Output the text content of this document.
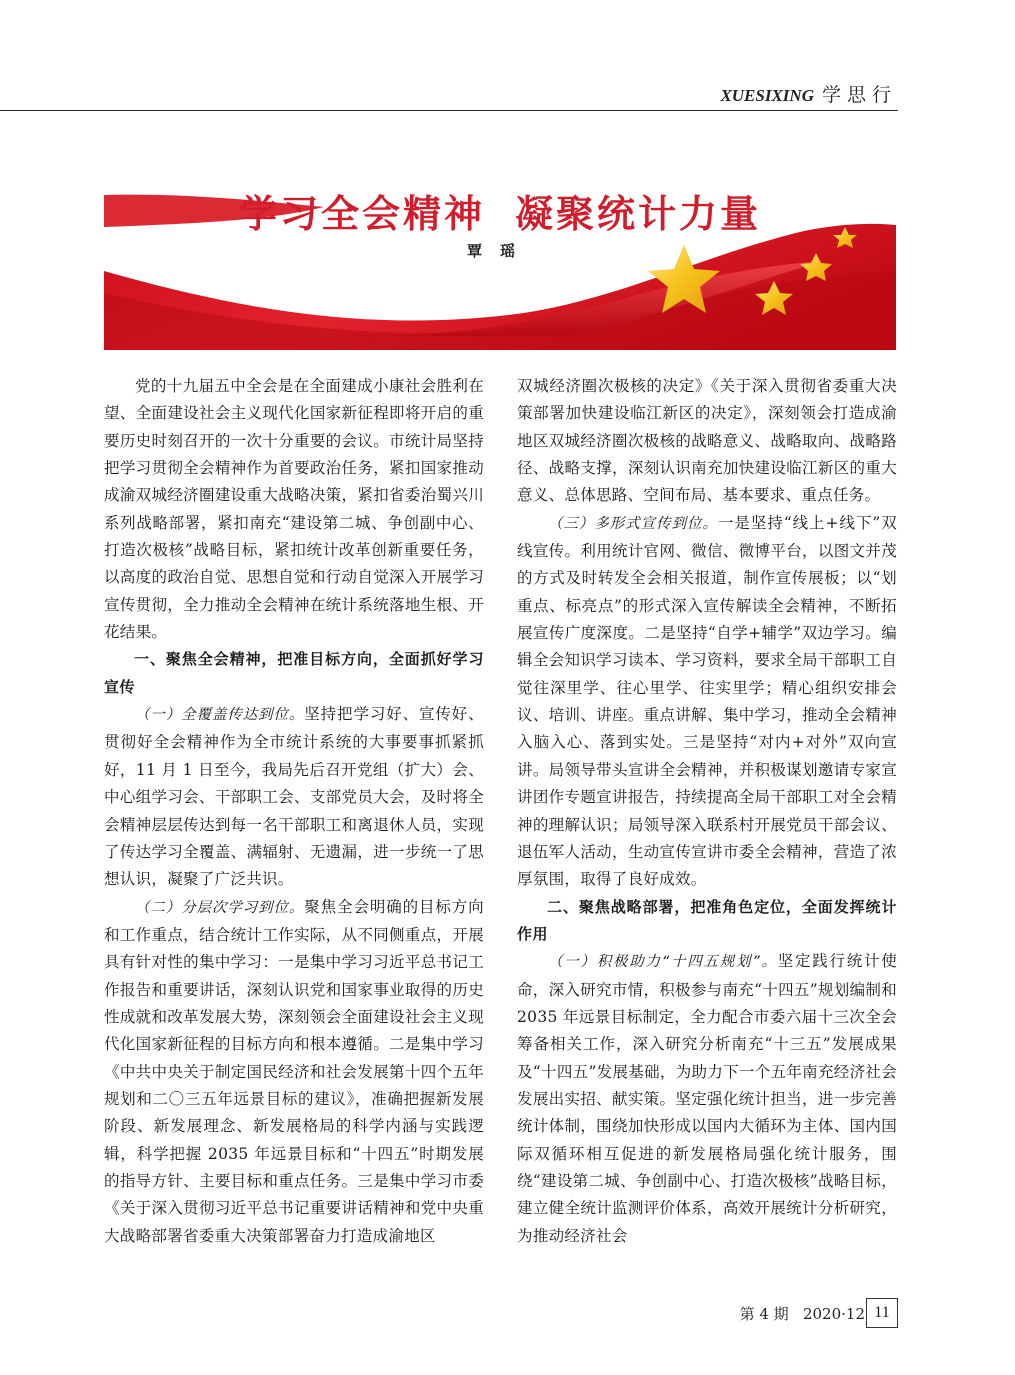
XUESIXING 学思行
学习全会精神 凝聚统计力量
覃瑶

党的十九届五中全会是在全面建成小康社会胜利在望、全面建设社会主义现代化国家新征程即将开启的重要历史时刻召开的一次十分重要的会议。市统计局坚持把学习贯彻全会精神作为首要政治任务，紧扣国家推动成渝双城经济圈建设重大战略决策，紧扣省委治蜀兴川系列战略部署，紧扣南充“建设第二城、争创副中心、打造次极核”战略目标，紧扣统计改革创新重要任务，以高度的政治自觉、思想自觉和行动自觉深入开展学习宣传贯彻，全力推动全会精神在统计系统落地生根、开花结果。

一、聚焦全会精神，把准目标方向，全面抓好学习宣传

（一）全覆盖传达到位。坚持把学习好、宣传好、贯彻好全会精神作为全市统计系统的大事要事抓紧抓好，11 月 1 日至今，我局先后召开党组（扩大）会、中心组学习会、干部职工会、支部党员大会，及时将全会精神层层传达到每一名干部职工和离退休人员，实现了传达学习全覆盖、满辐射、无遗漏，进一步统一了思想认识，凝聚了广泛共识。

（二）分层次学习到位。聚焦全会明确的目标方向和工作重点，结合统计工作实际，从不同侧重点，开展具有针对性的集中学习：一是集中学习习近平总书记工作报告和重要讲话，深刻认识党和国家事业取得的历史性成就和改革发展大势，深刻领会全面建设社会主义现代化国家新征程的目标方向和根本遵循。二是集中学习《中共中央关于制定国民经济和社会发展第十四个五年规划和二〇三五年远景目标的建议》，准确把握新发展阶段、新发展理念、新发展格局的科学内涵与实践逻辑，科学把握 2035 年远景目标和“十四五”时期发展的指导方针、主要目标和重点任务。三是集中学习市委《关于深入贯彻习近平总书记重要讲话精神和党中央重大战略部署省委重大决策部署奋力打造成渝地区

双城经济圈次极核的决定》《关于深入贯彻省委重大决策部署加快建设临江新区的决定》，深刻领会打造成渝地区双城经济圈次极核的战略意义、战略取向、战略路径、战略支撑，深刻认识南充加快建设临江新区的重大意义、总体思路、空间布局、基本要求、重点任务。

（三）多形式宣传到位。一是坚持“线上+线下”双线宣传。利用统计官网、微信、微博平台，以图文并茂的方式及时转发全会相关报道，制作宣传展板；以“划重点、标亮点”的形式深入宣传解读全会精神，不断拓展宣传广度深度。二是坚持“自学+辅学”双边学习。编辑全会知识学习读本、学习资料，要求全局干部职工自觉往深里学、往心里学、往实里学；精心组织安排会议、培训、讲座。重点讲解、集中学习，推动全会精神入脑入心、落到实处。三是坚持“对内+对外”双向宣讲。局领导带头宣讲全会精神，并积极谋划邀请专家宣讲团作专题宣讲报告，持续提高全局干部职工对全会精神的理解认识；局领导深入联系村开展党员干部会议、退伍军人活动，生动宣传宣讲市委全会精神，营造了浓厚氛围，取得了良好成效。

二、聚焦战略部署，把准角色定位，全面发挥统计作用

（一）积极助力“十四五规划”。坚定践行统计使命，深入研究市情，积极参与南充“十四五”规划编制和 2035 年远景目标制定，全力配合市委六届十三次全会筹备相关工作，深入研究分析南充“十三五”发展成果及“十四五”发展基础，为助力下一个五年南充经济社会发展出实招、献实策。坚定强化统计担当，进一步完善统计体制，围绕加快形成以国内大循环为主体、国内国际双循环相互促进的新发展格局强化统计服务，围绕“建设第二城、争创副中心、打造次极核”战略目标，建立健全统计监测评价体系，高效开展统计分析研究，为推动经济社会

第 4 期 2020·12 11
